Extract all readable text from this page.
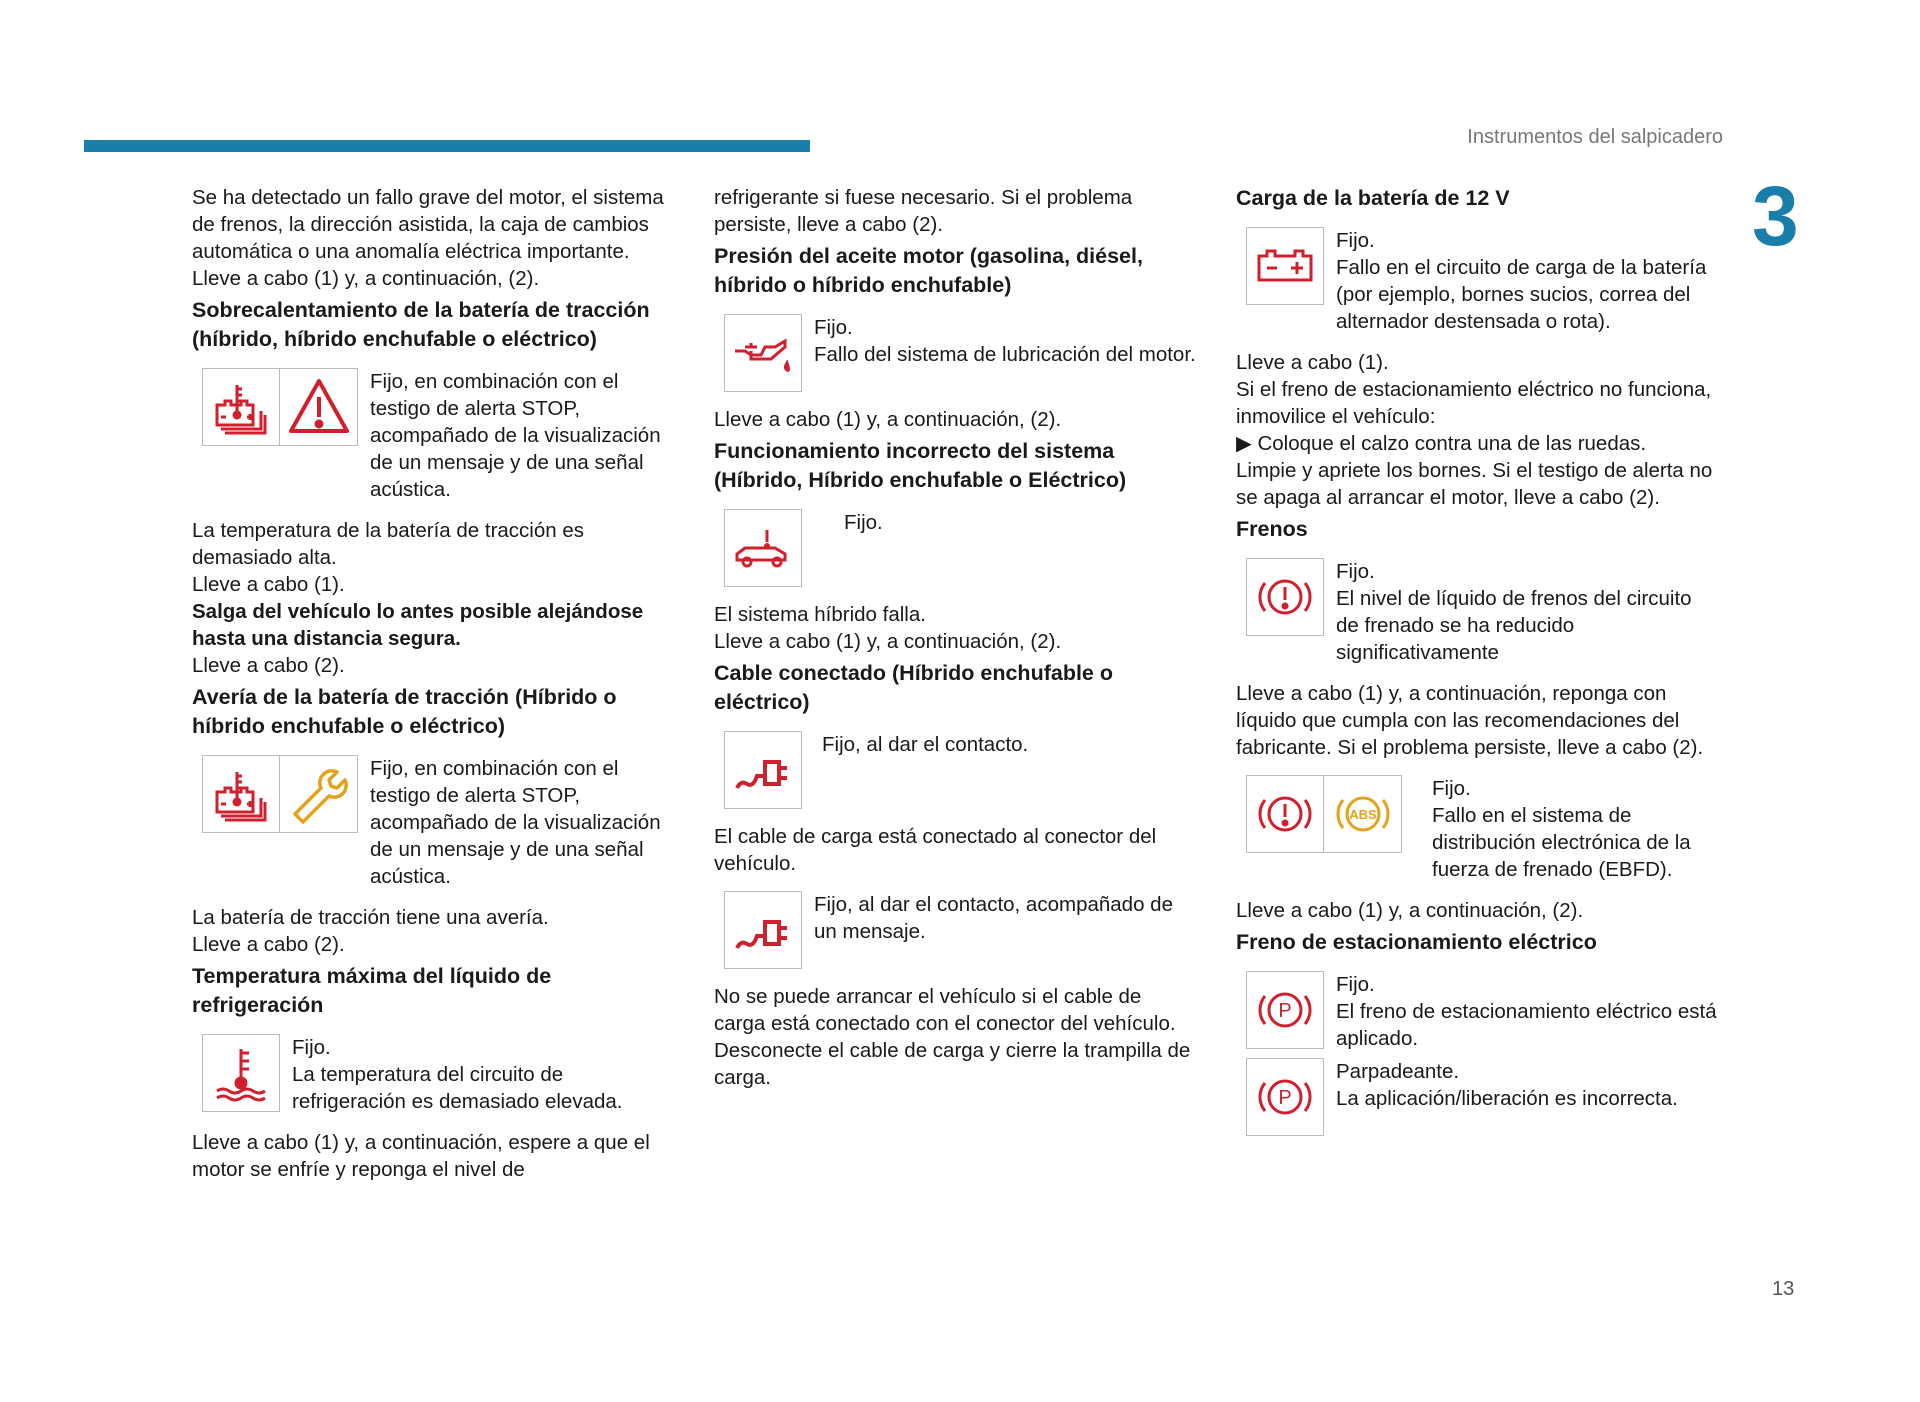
Instrumentos del salpicadero
3
13

Se ha detectado un fallo grave del motor, el sistema de frenos, la dirección asistida, la caja de cambios automática o una anomalía eléctrica importante.

Lleve a cabo (1) y, a continuación, (2).

Sobrecalentamiento de la batería de tracción (híbrido, híbrido enchufable o eléctrico)
Fijo, en combinación con el testigo de alerta STOP, acompañado de la visualización de un mensaje y de una señal acústica.

La temperatura de la batería de tracción es demasiado alta.

Lleve a cabo (1).

Salga del vehículo lo antes posible alejándose hasta una distancia segura.

Lleve a cabo (2).

Avería de la batería de tracción (Híbrido o híbrido enchufable o eléctrico)
Fijo, en combinación con el testigo de alerta STOP, acompañado de la visualización de un mensaje y de una señal acústica.

La batería de tracción tiene una avería.

Lleve a cabo (2).

Temperatura máxima del líquido de refrigeración
Fijo.
La temperatura del circuito de refrigeración es demasiado elevada.

Lleve a cabo (1) y, a continuación, espere a que el motor se enfríe y reponga el nivel de

refrigerante si fuese necesario. Si el problema persiste, lleve a cabo (2).

Presión del aceite motor (gasolina, diésel, híbrido o híbrido enchufable)
Fijo.
Fallo del sistema de lubricación del motor.

Lleve a cabo (1) y, a continuación, (2).

Funcionamiento incorrecto del sistema (Híbrido, Híbrido enchufable o Eléctrico)
Fijo.

El sistema híbrido falla.

Lleve a cabo (1) y, a continuación, (2).

Cable conectado (Híbrido enchufable o eléctrico)
Fijo, al dar el contacto.

El cable de carga está conectado al conector del vehículo.

Fijo, al dar el contacto, acompañado de un mensaje.

No se puede arrancar el vehículo si el cable de carga está conectado con el conector del vehículo.

Desconecte el cable de carga y cierre la trampilla de carga.

Carga de la batería de 12 V
Fijo.
Fallo en el circuito de carga de la batería (por ejemplo, bornes sucios, correa del alternador destensada o rota).

Lleve a cabo (1).

Si el freno de estacionamiento eléctrico no funciona, inmovilice el vehículo:

▶ Coloque el calzo contra una de las ruedas.

Limpie y apriete los bornes. Si el testigo de alerta no se apaga al arrancar el motor, lleve a cabo (2).

Frenos
Fijo.
El nivel de líquido de frenos del circuito de frenado se ha reducido significativamente

Lleve a cabo (1) y, a continuación, reponga con líquido que cumpla con las recomendaciones del fabricante. Si el problema persiste, lleve a cabo (2).

ABS
Fijo.
Fallo en el sistema de distribución electrónica de la fuerza de frenado (EBFD).

Lleve a cabo (1) y, a continuación, (2).

Freno de estacionamiento eléctrico
P
Fijo.
El freno de estacionamiento eléctrico está aplicado.
P
Parpadeante.
La aplicación/liberación es incorrecta.
